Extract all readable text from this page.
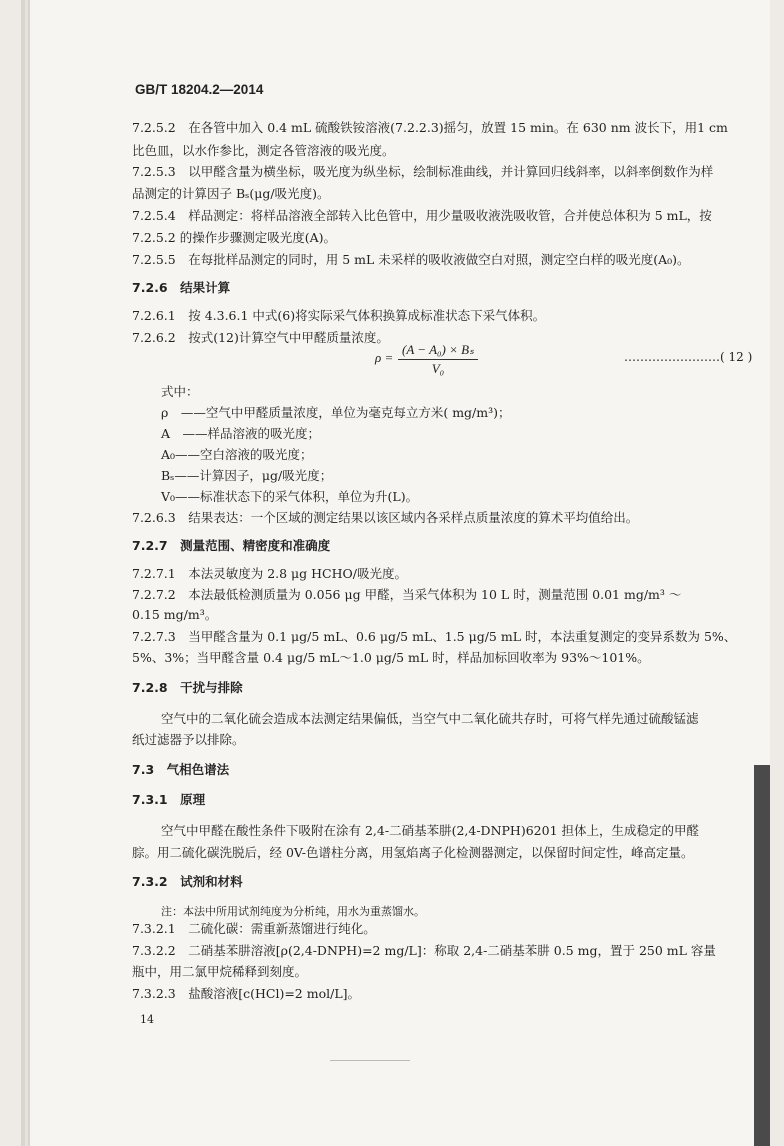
GB/T 18204.2—2014
7.2.5.2　在各管中加入 0.4 mL 硫酸铁铵溶液(7.2.2.3)摇匀，放置 15 min。在 630 nm 波长下，用1 cm
比色皿，以水作参比，测定各管溶液的吸光度。
7.2.5.3　以甲醛含量为横坐标，吸光度为纵坐标，绘制标准曲线，并计算回归线斜率，以斜率倒数作为样
品测定的计算因子 Bₛ(μg/吸光度)。
7.2.5.4　样品测定：将样品溶液全部转入比色管中，用少量吸收液洗吸收管，合并使总体积为 5 mL，按
7.2.5.2 的操作步骤测定吸光度(A)。
7.2.5.5　在每批样品测定的同时，用 5 mL 未采样的吸收液做空白对照，测定空白样的吸光度(A₀)。
7.2.6　结果计算
7.2.6.1　按 4.3.6.1 中式(6)将实际采气体积换算成标准状态下采气体积。
7.2.6.2　按式(12)计算空气中甲醛质量浓度。
$\rho = \frac{\text{(A − A₀) × Bₛ}}{\text{V₀}}$	……………………( 12 )
式中：
ρ　——空气中甲醛质量浓度，单位为毫克每立方米( mg/m³)；
A　——样品溶液的吸光度；
A₀——空白溶液的吸光度；
Bₛ——计算因子，μg/吸光度；
V₀——标准状态下的采气体积，单位为升(L)。
7.2.6.3　结果表达：一个区域的测定结果以该区域内各采样点质量浓度的算术平均值给出。
7.2.7　测量范围、精密度和准确度
7.2.7.1　本法灵敏度为 2.8 μg HCHO/吸光度。
7.2.7.2　本法最低检测质量为 0.056 μg 甲醛，当采气体积为 10 L 时，测量范围 0.01 mg/m³ ～
0.15 mg/m³。
7.2.7.3　当甲醛含量为 0.1 μg/5 mL、0.6 μg/5 mL、1.5 μg/5 mL 时，本法重复测定的变异系数为 5%、
5%、3%；当甲醛含量 0.4 μg/5 mL～1.0 μg/5 mL 时，样品加标回收率为 93%～101%。
7.2.8　干扰与排除
空气中的二氧化硫会造成本法测定结果偏低，当空气中二氧化硫共存时，可将气样先通过硫酸锰滤
纸过滤器予以排除。
7.3　气相色谱法
7.3.1　原理
空气中甲醛在酸性条件下吸附在涂有 2,4-二硝基苯肼(2,4-DNPH)6201 担体上，生成稳定的甲醛
腙。用二硫化碳洗脱后，经 0V-色谱柱分离，用氢焰离子化检测器测定，以保留时间定性，峰高定量。
7.3.2　试剂和材料
注：本法中所用试剂纯度为分析纯，用水为重蒸馏水。
7.3.2.1　二硫化碳：需重新蒸馏进行纯化。
7.3.2.2　二硝基苯肼溶液[ρ(2,4-DNPH)=2 mg/L]：称取 2,4-二硝基苯肼 0.5 mg，置于 250 mL 容量
瓶中，用二氯甲烷稀释到刻度。
7.3.2.3　盐酸溶液[c(HCl)=2 mol/L]。
14
